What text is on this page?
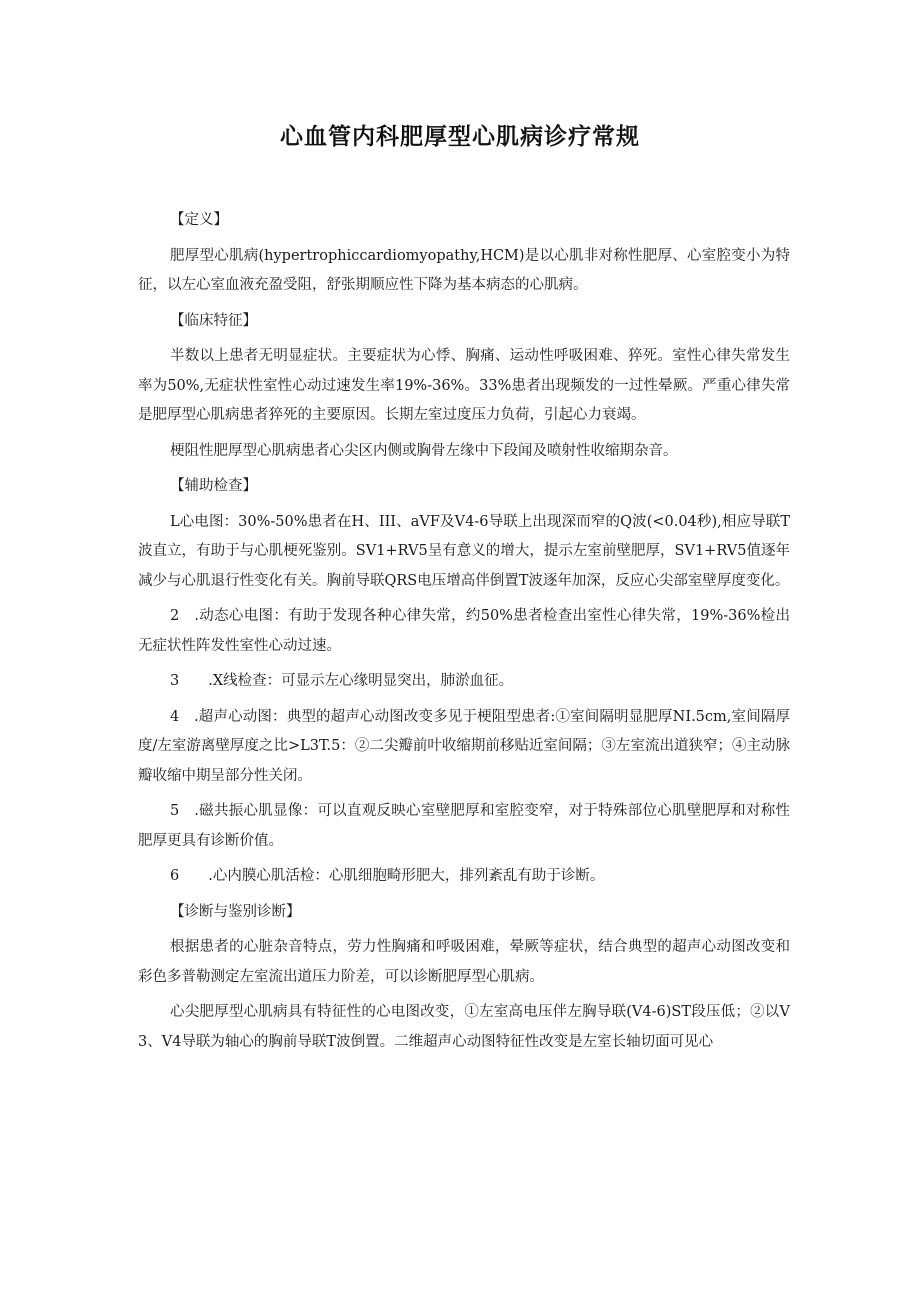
心血管内科肥厚型心肌病诊疗常规

【定义】

肥厚型心肌病(hypertrophiccardiomyopathy,HCM)是以心肌非对称性肥厚、心室腔变小为特征，以左心室血液充盈受阻，舒张期顺应性下降为基本病态的心肌病。

【临床特征】

半数以上患者无明显症状。主要症状为心悸、胸痛、运动性呼吸困难、猝死。室性心律失常发生率为50%,无症状性室性心动过速发生率19%-36%。33%患者出现频发的一过性晕厥。严重心律失常是肥厚型心肌病患者猝死的主要原因。长期左室过度压力负荷，引起心力衰竭。

梗阻性肥厚型心肌病患者心尖区内侧或胸骨左缘中下段闻及喷射性收缩期杂音。

【辅助检查】

L心电图：30%-50%患者在H、III、aVF及V4-6导联上出现深而窄的Q波(<0.04秒),相应导联T波直立，有助于与心肌梗死鉴别。SV1+RV5呈有意义的增大，提示左室前壁肥厚，SV1+RV5值逐年减少与心肌退行性变化有关。胸前导联QRS电压增高伴倒置T波逐年加深，反应心尖部室壁厚度变化。

2　.动态心电图：有助于发现各种心律失常，约50%患者检查出室性心律失常，19%-36%检出无症状性阵发性室性心动过速。

3　　.X线检查：可显示左心缘明显突出，肺淤血征。

4　.超声心动图：典型的超声心动图改变多见于梗阻型患者:①室间隔明显肥厚NI.5cm,室间隔厚度/左室游离壁厚度之比>L3T.5：②二尖瓣前叶收缩期前移贴近室间隔；③左室流出道狭窄；④主动脉瓣收缩中期呈部分性关闭。

5　.磁共振心肌显像：可以直观反映心室壁肥厚和室腔变窄，对于特殊部位心肌壁肥厚和对称性肥厚更具有诊断价值。

6　　.心内膜心肌活检：心肌细胞畸形肥大，排列紊乱有助于诊断。

【诊断与鉴别诊断】

根据患者的心脏杂音特点，劳力性胸痛和呼吸困难，晕厥等症状，结合典型的超声心动图改变和彩色多普勒测定左室流出道压力阶差，可以诊断肥厚型心肌病。

心尖肥厚型心肌病具有特征性的心电图改变，①左室高电压伴左胸导联(V4-6)ST段压低；②以V3、V4导联为轴心的胸前导联T波倒置。二维超声心动图特征性改变是左室长轴切面可见心
